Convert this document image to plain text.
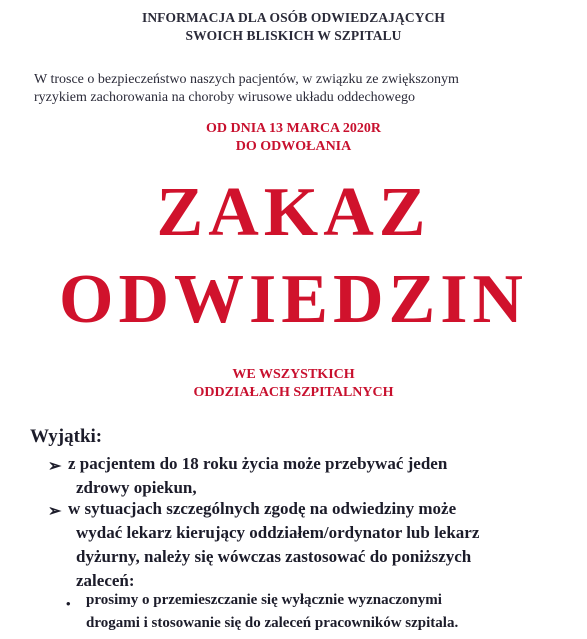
INFORMACJA DLA OSÓB ODWIEDZAJĄCYCH
SWOICH BLISKICH W SZPITALU
W trosce o bezpieczeństwo naszych pacjentów, w związku ze zwiększonym
ryzykiem zachorowania na choroby wirusowe układu oddechowego
OD DNIA 13 MARCA 2020R
DO ODWOŁANIA
ZAKAZ
ODWIEDZIN
WE WSZYSTKICH
ODDZIAŁACH SZPITALNYCH
Wyjątki:
➢ z pacjentem do 18 roku życia może przebywać jeden
zdrowy opiekun,
➢ w sytuacjach szczególnych zgodę na odwiedziny może
wydać lekarz kierujący oddziałem/ordynator lub lekarz
dyżurny, należy się wówczas zastosować do poniższych
zaleceń:
• prosimy o przemieszczanie się wyłącznie wyznaczonymi
drogami i stosowanie się do zaleceń pracowników szpitala.
